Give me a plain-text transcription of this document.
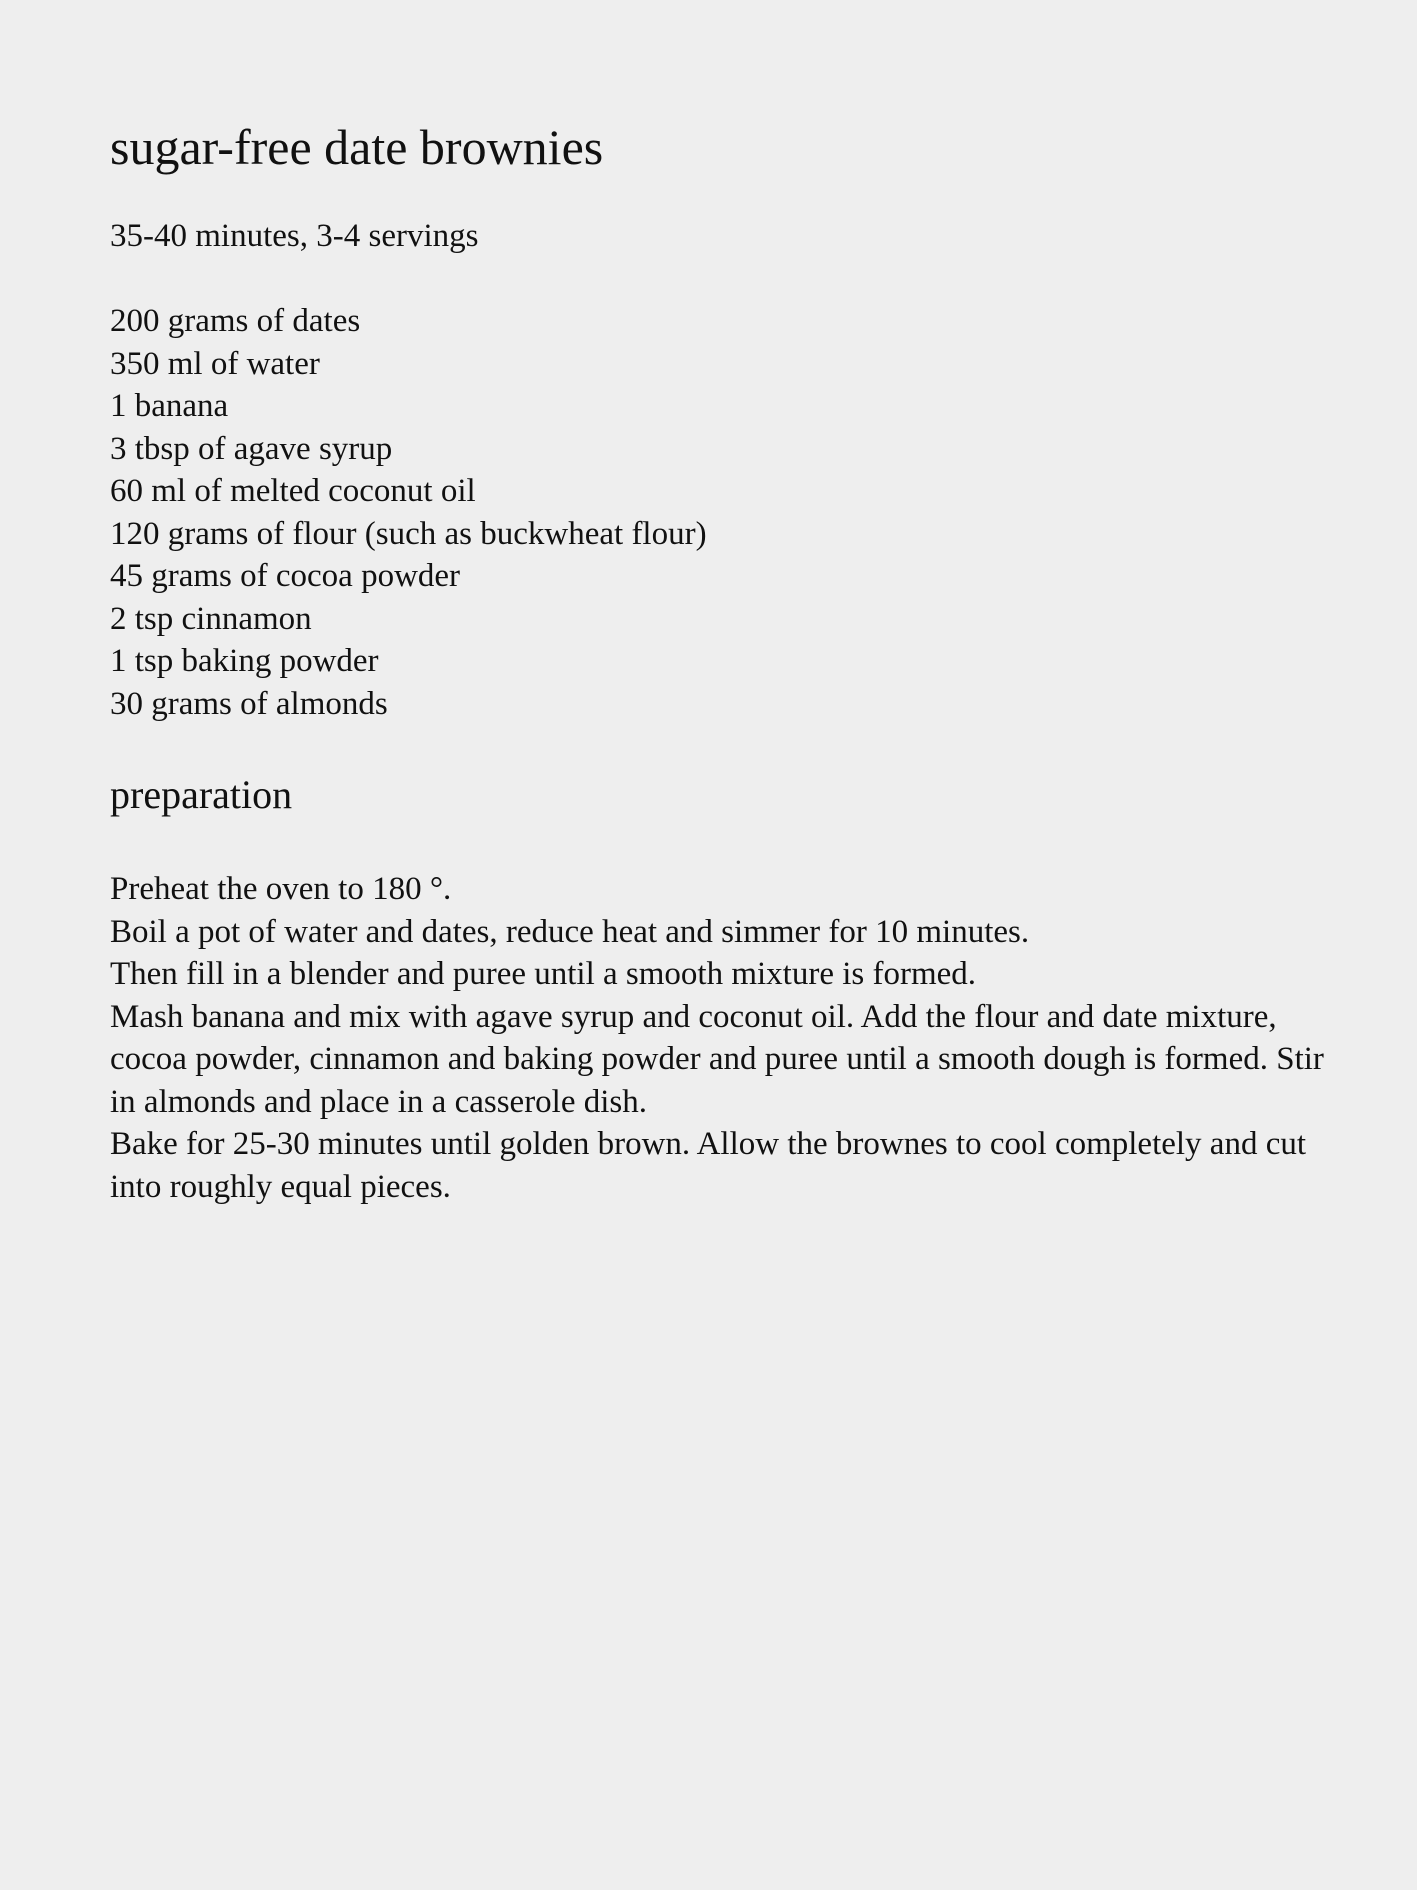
sugar-free date brownies

35-40 minutes, 3-4 servings

200 grams of dates
350 ml of water
1 banana
3 tbsp of agave syrup
60 ml of melted coconut oil
120 grams of flour (such as buckwheat flour)
45 grams of cocoa powder
2 tsp cinnamon
1 tsp baking powder
30 grams of almonds
preparation

Preheat the oven to 180 °.

Boil a pot of water and dates, reduce heat and simmer for 10 minutes.

Then fill in a blender and puree until a smooth mixture is formed.

Mash banana and mix with agave syrup and coconut oil. Add the flour and date mixture, cocoa powder, cinnamon and baking powder and puree until a smooth dough is formed. Stir in almonds and place in a casserole dish.

Bake for 25-30 minutes until golden brown. Allow the brownes to cool completely and cut into roughly equal pieces.
